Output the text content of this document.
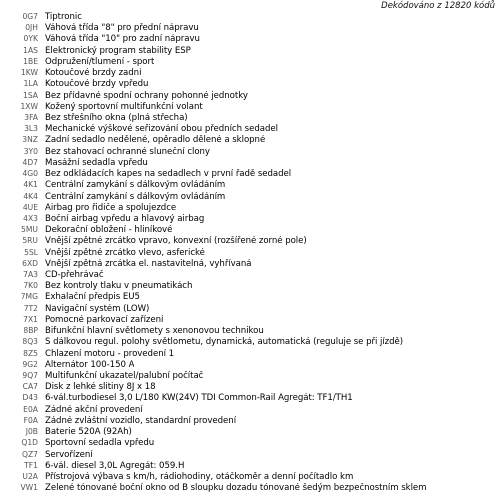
Dekódováno z 12820 kódů
0G7 Tiptronic
0JH Váhová třída "8" pro přední nápravu
0YK Váhová třída "10" pro zadní nápravu
1AS Elektronický program stability ESP
1BE Odpružení/tlumení - sport
1KW Kotoučové brzdy zadní
1LA Kotoučové brzdy vpředu
1SA Bez přídavné spodní ochrany pohonné jednotky
1XW Kožený sportovní multifunkční volant
3FA Bez střešního okna (plná střecha)
3L3 Mechanické výškové seřizování obou předních sedadel
3NZ Zadní sedadlo nedělené, opěradlo dělené a sklopné
3Y0 Bez stahovací ochranné sluneční clony
4D7 Masážní sedadla vpředu
4G0 Bez odkládacích kapes na sedadlech v první řadě sedadel
4K1 Centrální zamykání s dálkovým ovládáním
4K4 Centrální zamykání s dálkovým ovládáním
4UE Airbag pro řidiče a spolujezdce
4X3 Boční airbag vpředu a hlavový airbag
5MU Dekorační obložení - hliníkové
5RU Vnější zpětné zrcátko vpravo, konvexní (rozšířené zorné pole)
5SL Vnější zpětné zrcátko vlevo, asferické
6XD Vnější zpětná zrcátka el. nastavitelná, vyhřívaná
7A3 CD-přehrávač
7K0 Bez kontroly tlaku v pneumatikách
7MG Exhalační předpis EU5
7T2 Navigační systém (LOW)
7X1 Pomocné parkovací zařízení
8BP Bifunkční hlavní světlomety s xenonovou technikou
8Q3 S dálkovou regul. polohy světlometu, dynamická, automatická (reguluje se při jízdě)
8Z5 Chlazení motoru - provedení 1
9G2 Alternátor 100-150 A
9Q7 Multifunkční ukazatel/palubní počítač
CA7 Disk z lehké slitiny 8J x 18
D43 6-vál.turbodiesel 3,0 L/180 KW(24V) TDI Common-Rail Agregát: TF1/TH1
E0A Žádné akční provedení
F0A Žádné zvláštní vozidlo, standardní provedení
J0B Baterie 520A (92Ah)
Q1D Sportovní sedadla vpředu
QZ7 Servořízení
TF1 6-vál. diesel 3,0L Agregát: 059.H
U2A Přístrojová výbava s km/h, rádiohodiny, otáčkoměr a denní počítadlo km
VW1 Zelené tónované boční okno od B sloupku dozadu tónované šedým bezpečnostním sklem
